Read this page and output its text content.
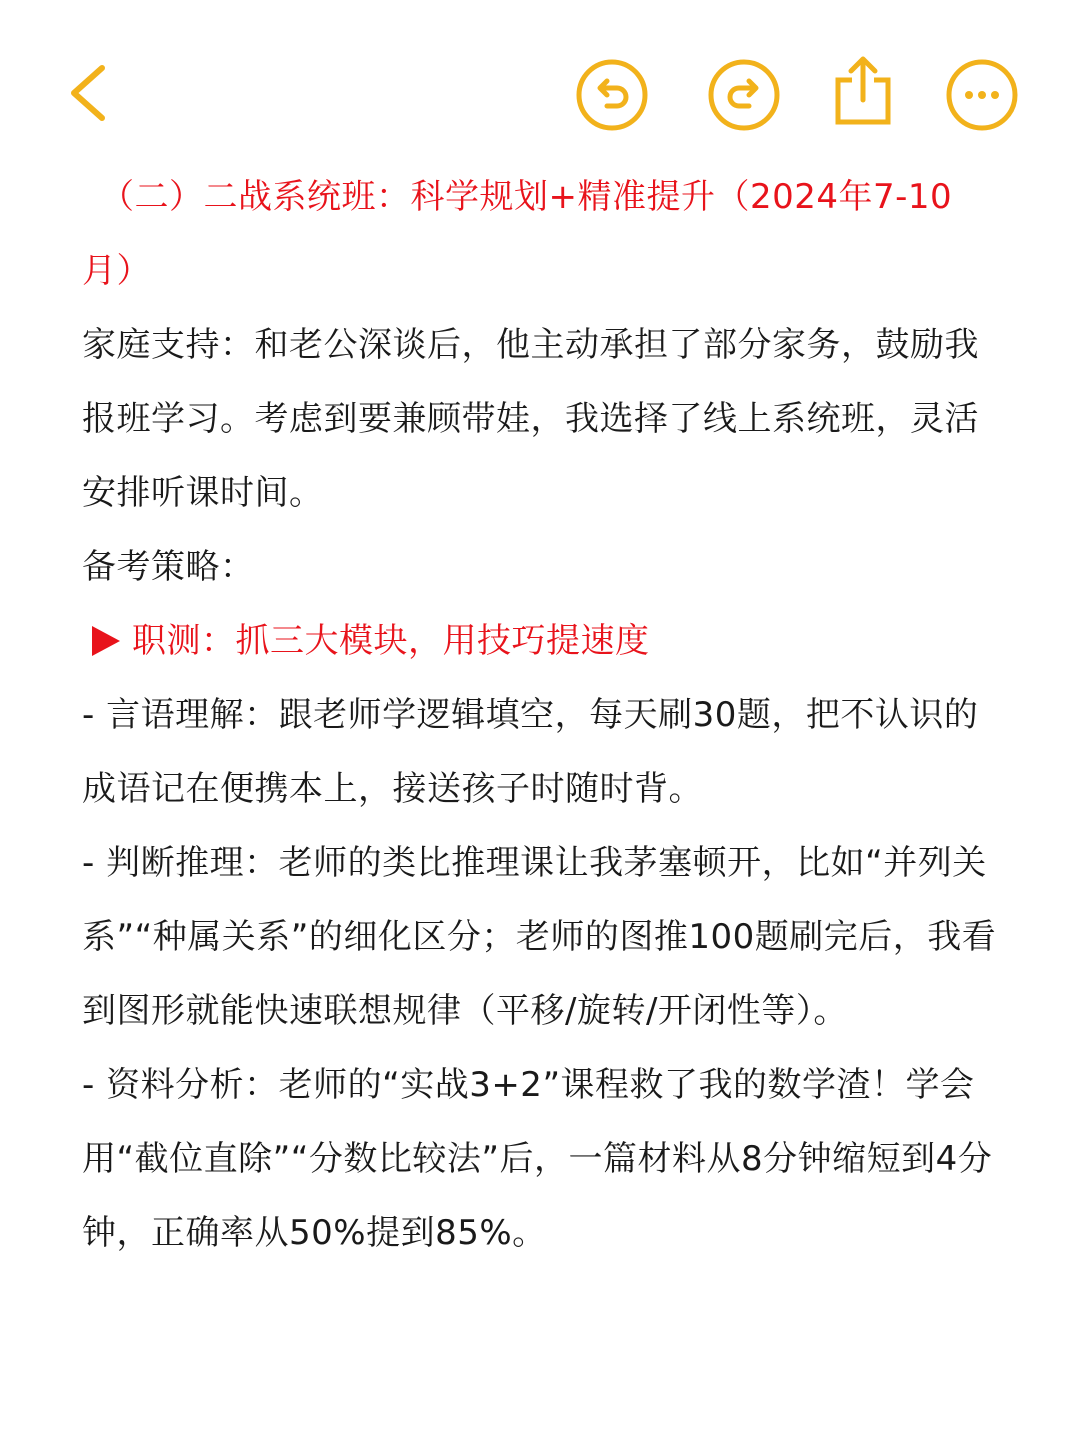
（二）二战系统班：科学规划+精准提升（2024年7-10月）

家庭支持：和老公深谈后，他主动承担了部分家务，鼓励我报班学习。考虑到要兼顾带娃，我选择了线上系统班，灵活安排听课时间。

备考策略：

职测：抓三大模块，用技巧提速度

- 言语理解：跟老师学逻辑填空，每天刷30题，把不认识的成语记在便携本上，接送孩子时随时背。

- 判断推理：老师的类比推理课让我茅塞顿开，比如“并列关系”“种属关系”的细化区分；老师的图推100题刷完后，我看到图形就能快速联想规律（平移/旋转/开闭性等）。

- 资料分析：老师的“实战3+2”课程救了我的数学渣！学会用“截位直除”“分数比较法”后，一篇材料从8分钟缩短到4分钟，正确率从50%提到85%。
